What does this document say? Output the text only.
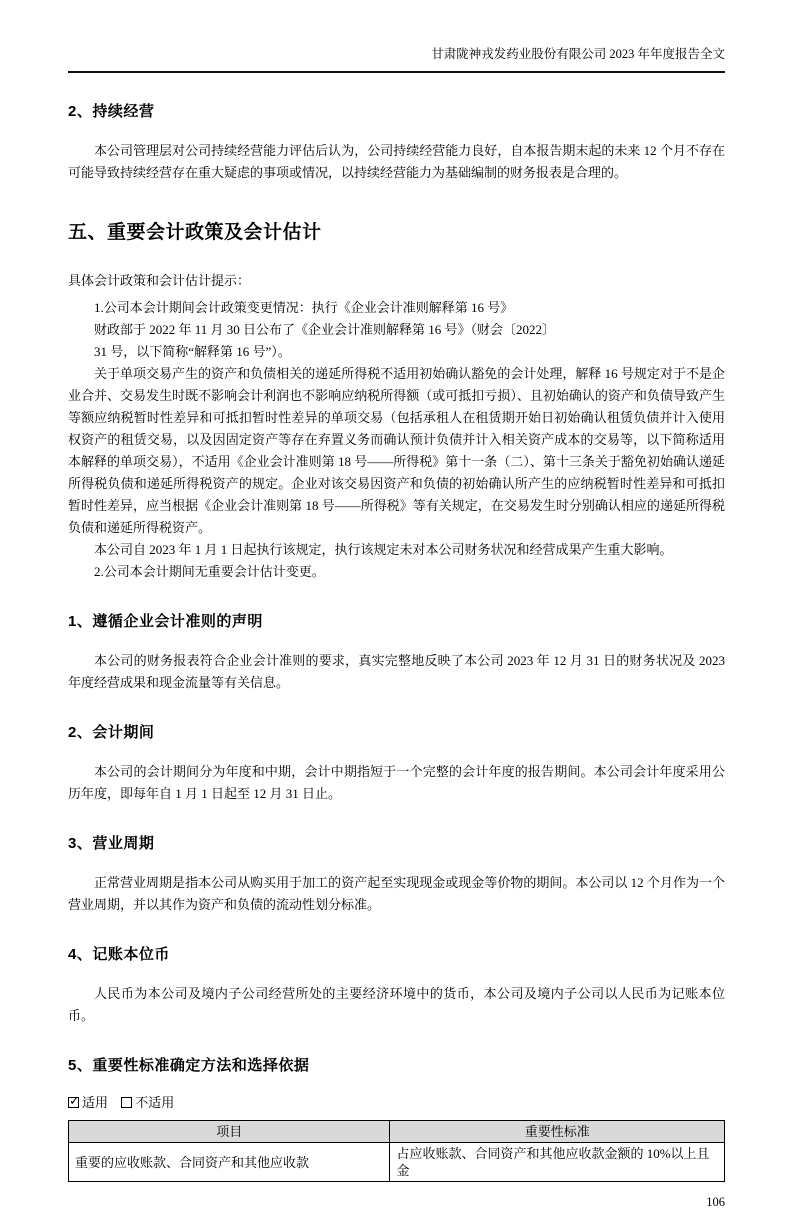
甘肃陇神戎发药业股份有限公司 2023 年年度报告全文
2、持续经营

本公司管理层对公司持续经营能力评估后认为，公司持续经营能力良好，自本报告期末起的未来 12 个月不存在可能导致持续经营存在重大疑虑的事项或情况，以持续经营能力为基础编制的财务报表是合理的。

五、重要会计政策及会计估计

具体会计政策和会计估计提示：

1.公司本会计期间会计政策变更情况：执行《企业会计准则解释第 16 号》

财政部于 2022 年 11 月 30 日公布了《企业会计准则解释第 16 号》（财会〔2022〕

31 号，以下简称“解释第 16 号”）。

关于单项交易产生的资产和负债相关的递延所得税不适用初始确认豁免的会计处理，解释 16 号规定对于不是企业合并、交易发生时既不影响会计利润也不影响应纳税所得额（或可抵扣亏损）、且初始确认的资产和负债导致产生等额应纳税暂时性差异和可抵扣暂时性差异的单项交易（包括承租人在租赁期开始日初始确认租赁负债并计入使用权资产的租赁交易，以及因固定资产等存在弃置义务而确认预计负债并计入相关资产成本的交易等，以下简称适用本解释的单项交易），不适用《企业会计准则第 18 号——所得税》第十一条（二）、第十三条关于豁免初始确认递延所得税负债和递延所得税资产的规定。企业对该交易因资产和负债的初始确认所产生的应纳税暂时性差异和可抵扣暂时性差异，应当根据《企业会计准则第 18 号——所得税》等有关规定，在交易发生时分别确认相应的递延所得税负债和递延所得税资产。

本公司自 2023 年 1 月 1 日起执行该规定，执行该规定未对本公司财务状况和经营成果产生重大影响。

2.公司本会计期间无重要会计估计变更。

1、遵循企业会计准则的声明

本公司的财务报表符合企业会计准则的要求，真实完整地反映了本公司 2023 年 12 月 31 日的财务状况及 2023 年度经营成果和现金流量等有关信息。

2、会计期间

本公司的会计期间分为年度和中期，会计中期指短于一个完整的会计年度的报告期间。本公司会计年度采用公历年度，即每年自 1 月 1 日起至 12 月 31 日止。

3、营业周期

正常营业周期是指本公司从购买用于加工的资产起至实现现金或现金等价物的期间。本公司以 12 个月作为一个营业周期，并以其作为资产和负债的流动性划分标准。

4、记账本位币

人民币为本公司及境内子公司经营所处的主要经济环境中的货币，本公司及境内子公司以人民币为记账本位币。

5、重要性标准确定方法和选择依据
✓适用 不适用
项目	重要性标准
重要的应收账款、合同资产和其他应收款	占应收账款、合同资产和其他应收款金额的 10%以上且金
106
